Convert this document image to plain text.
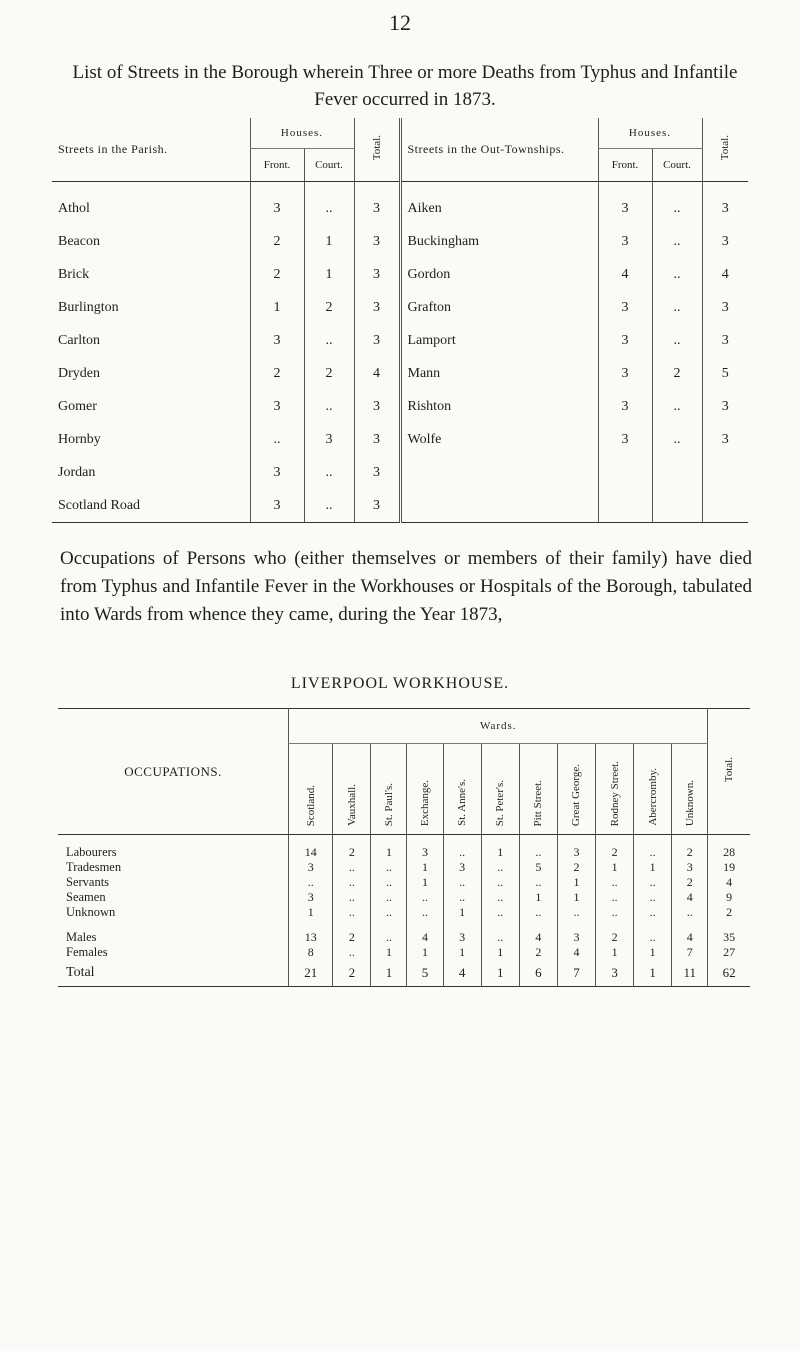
12
List of Streets in the Borough wherein Three or more Deaths from Typhus and Infantile Fever occurred in 1873.
Streets in the Parish.	Houses.		Total.	Streets in the Out-Townships.	Houses.		Total.
	Front.	Court.			Front.	Court.	

Athol	3	..	3	Aiken	3	..	3
Beacon	2	1	3	Buckingham	3	..	3
Brick	2	1	3	Gordon	4	..	4
Burlington	1	2	3	Grafton	3	..	3
Carlton	3	..	3	Lamport	3	..	3
Dryden	2	2	4	Mann	3	2	5
Gomer	3	..	3	Rishton	3	..	3
Hornby	..	3	3	Wolfe	3	..	3
Jordan	3	..	3				
Scotland Road	3	..	3				
Occupations of Persons who (either themselves or members of their family) have died from Typhus and Infantile Fever in the Workhouses or Hospitals of the Borough, tabulated into Wards from whence they came, during the Year 1873,
LIVERPOOL WORKHOUSE.
OCCUPATIONS.	Wards.											Total.
	Scotland.	Vauxhall.	St. Paul's.	Exchange.	St. Anne's.	St. Peter's.	Pitt Street.	Great George.	Rodney Street.	Abercromby.	Unknown.	

Labourers	14	2	1	3	..	1	..	3	2	..	2	28
Tradesmen	3	..	..	1	3	..	5	2	1	1	3	19
Servants	..	..	..	1	..	..	..	1	..	..	2	4
Seamen	3	..	..	..	..	..	1	1	..	..	4	9
Unknown	1	..	..	..	1	..	..	..	..	..	..	2

Males	13	2	..	4	3	..	4	3	2	..	4	35
Females	8	..	1	1	1	1	2	4	1	1	7	27
Total	21	2	1	5	4	1	6	7	3	1	11	62
